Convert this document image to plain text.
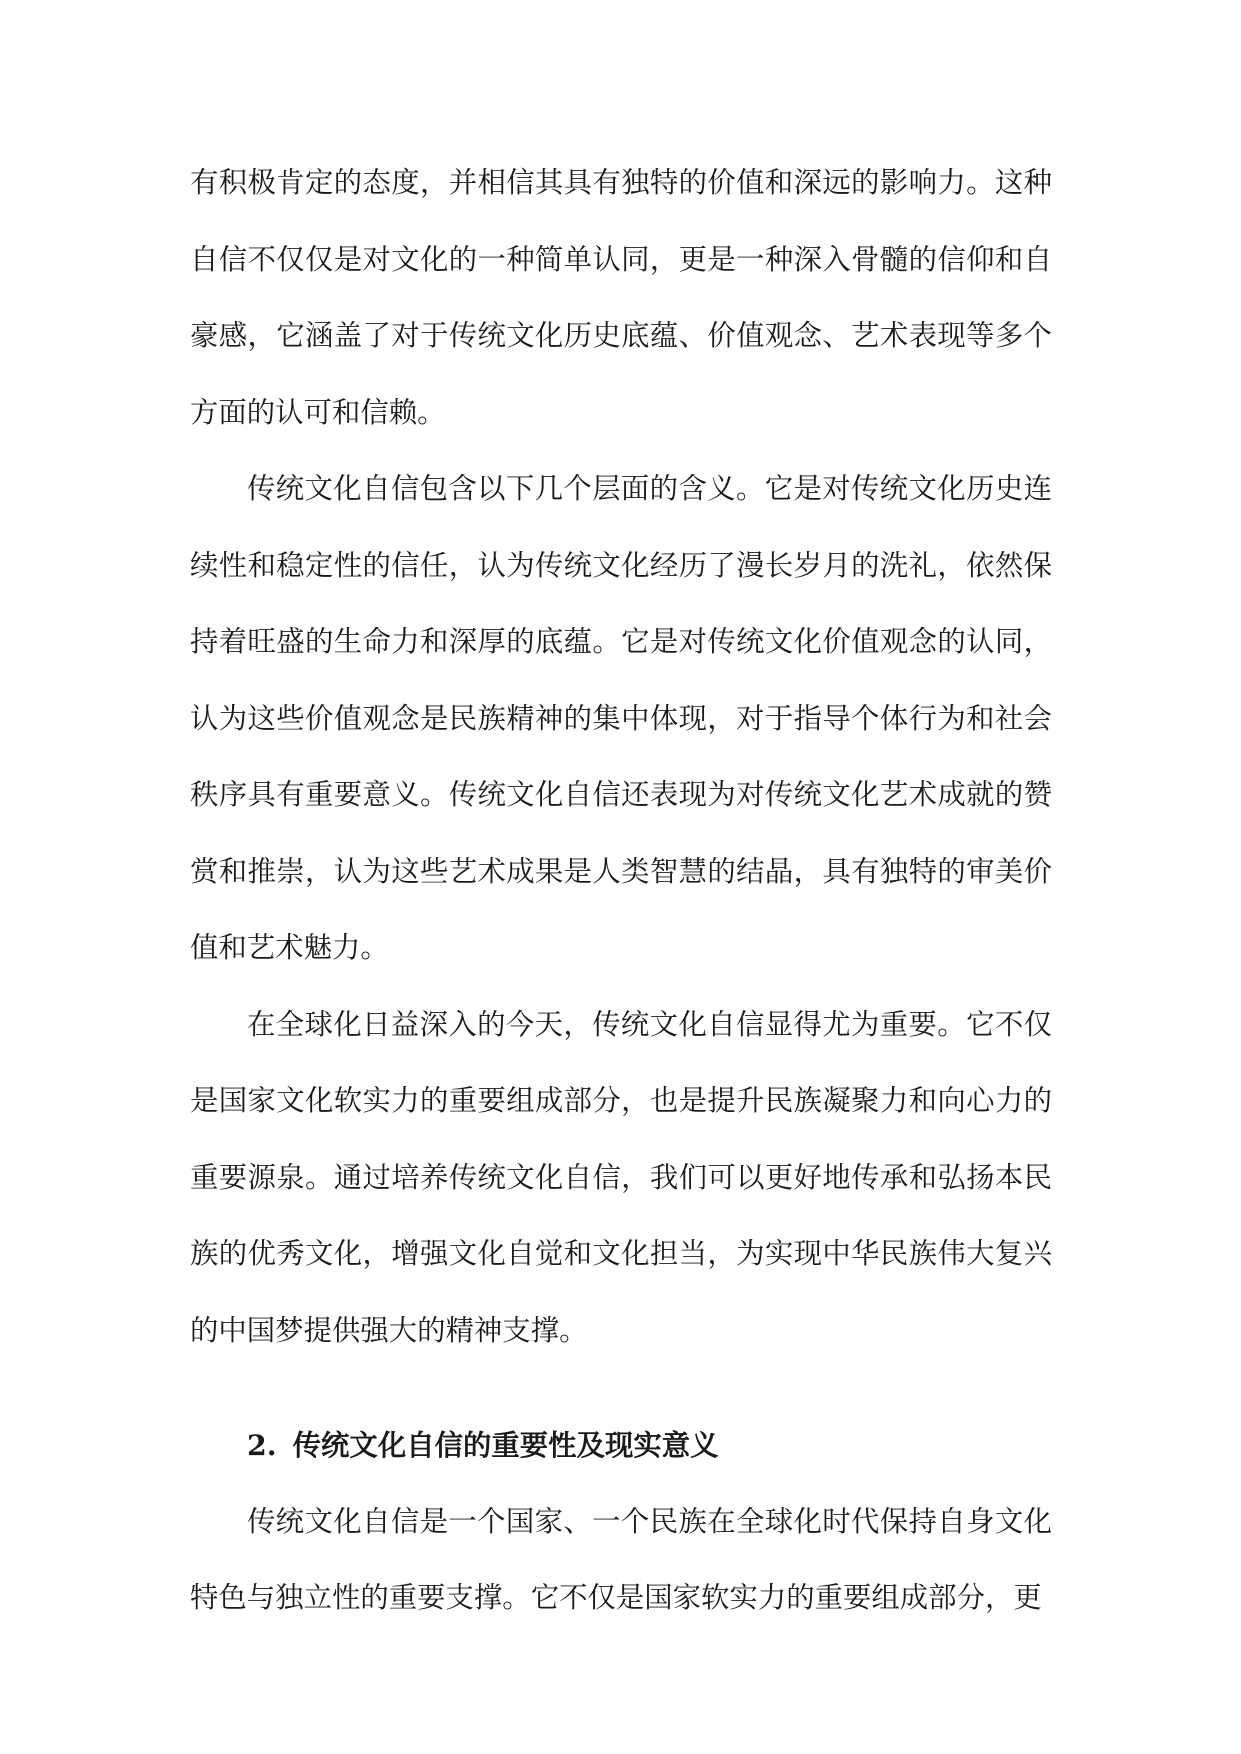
有积极肯定的态度，并相信其具有独特的价值和深远的影响力。这种自信不仅仅是对文化的一种简单认同，更是一种深入骨髓的信仰和自豪感，它涵盖了对于传统文化历史底蕴、价值观念、艺术表现等多个方面的认可和信赖。

传统文化自信包含以下几个层面的含义。它是对传统文化历史连续性和稳定性的信任，认为传统文化经历了漫长岁月的洗礼，依然保持着旺盛的生命力和深厚的底蕴。它是对传统文化价值观念的认同，认为这些价值观念是民族精神的集中体现，对于指导个体行为和社会秩序具有重要意义。传统文化自信还表现为对传统文化艺术成就的赞赏和推崇，认为这些艺术成果是人类智慧的结晶，具有独特的审美价值和艺术魅力。

在全球化日益深入的今天，传统文化自信显得尤为重要。它不仅是国家文化软实力的重要组成部分，也是提升民族凝聚力和向心力的重要源泉。通过培养传统文化自信，我们可以更好地传承和弘扬本民族的优秀文化，增强文化自觉和文化担当，为实现中华民族伟大复兴的中国梦提供强大的精神支撑。

2. 传统文化自信的重要性及现实意义

传统文化自信是一个国家、一个民族在全球化时代保持自身文化特色与独立性的重要支撑。它不仅是国家软实力的重要组成部分，更
